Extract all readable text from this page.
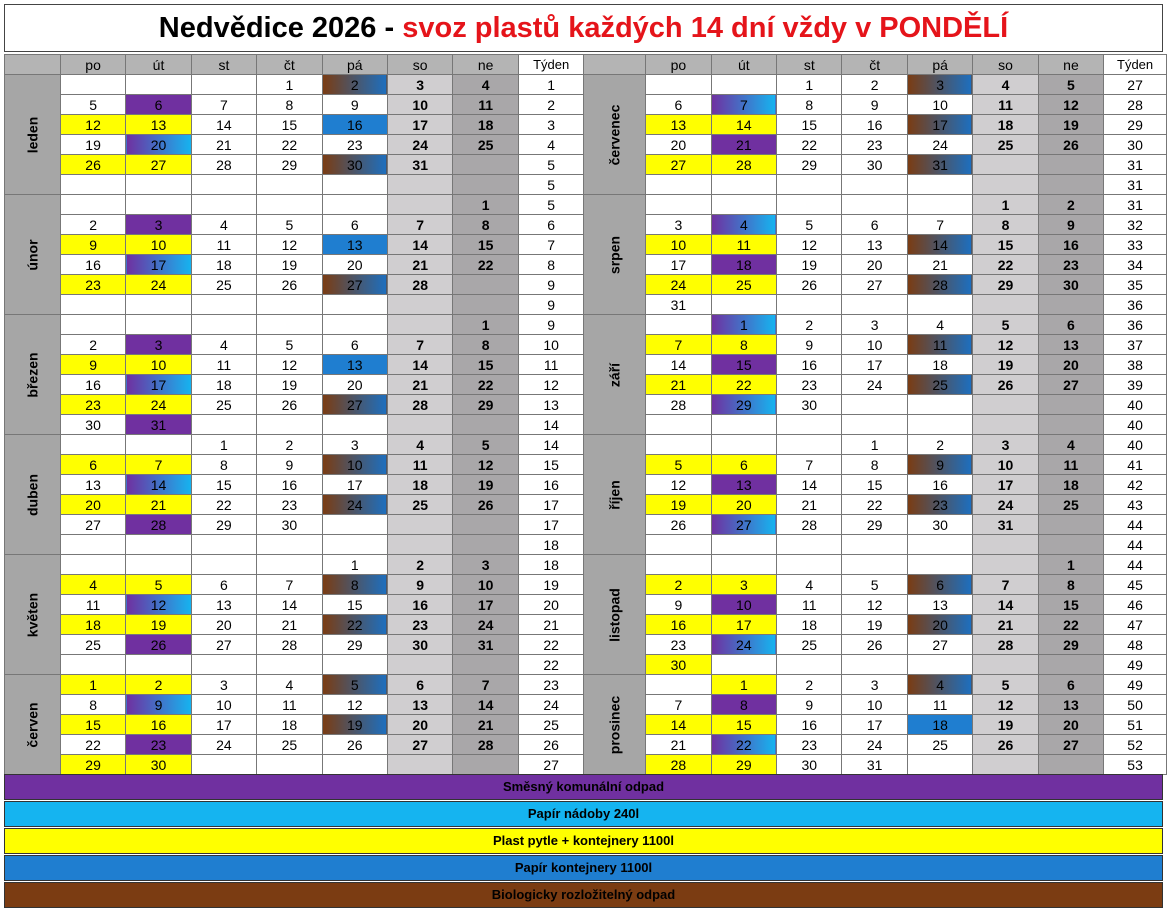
Nedvědice 2026 - svoz plastů každých 14 dní vždy v PONDĚLÍ
	po	út	st	čt	pá	so	ne	Týden		po	út	st	čt	pá	so	ne	Týden

leden				1	2	3	4	1	červenec			1	2	3	4	5	27
	5	6	7	8	9	10	11	2		6	7	8	9	10	11	12	28
	12	13	14	15	16	17	18	3		13	14	15	16	17	18	19	29
	19	20	21	22	23	24	25	4		20	21	22	23	24	25	26	30
	26	27	28	29	30	31		5		27	28	29	30	31			31
								5									31

únor							1	5	srpen						1	2	31
	2	3	4	5	6	7	8	6		3	4	5	6	7	8	9	32
	9	10	11	12	13	14	15	7		10	11	12	13	14	15	16	33
	16	17	18	19	20	21	22	8		17	18	19	20	21	22	23	34
	23	24	25	26	27	28		9		24	25	26	27	28	29	30	35
								9		31							36

březen							1	9	září		1	2	3	4	5	6	36
	2	3	4	5	6	7	8	10		7	8	9	10	11	12	13	37
	9	10	11	12	13	14	15	11		14	15	16	17	18	19	20	38
	16	17	18	19	20	21	22	12		21	22	23	24	25	26	27	39
	23	24	25	26	27	28	29	13		28	29	30					40
	30	31						14									40

duben			1	2	3	4	5	14	říjen				1	2	3	4	40
	6	7	8	9	10	11	12	15		5	6	7	8	9	10	11	41
	13	14	15	16	17	18	19	16		12	13	14	15	16	17	18	42
	20	21	22	23	24	25	26	17		19	20	21	22	23	24	25	43
	27	28	29	30				17		26	27	28	29	30	31		44
								18									44

květen					1	2	3	18	listopad							1	44
	4	5	6	7	8	9	10	19		2	3	4	5	6	7	8	45
	11	12	13	14	15	16	17	20		9	10	11	12	13	14	15	46
	18	19	20	21	22	23	24	21		16	17	18	19	20	21	22	47
	25	26	27	28	29	30	31	22		23	24	25	26	27	28	29	48
								22		30							49

červen	1	2	3	4	5	6	7	23	prosinec		1	2	3	4	5	6	49
	8	9	10	11	12	13	14	24		7	8	9	10	11	12	13	50
	15	16	17	18	19	20	21	25		14	15	16	17	18	19	20	51
	22	23	24	25	26	27	28	26		21	22	23	24	25	26	27	52
	29	30						27		28	29	30	31				53
Směsný komunální odpad
Papír nádoby 240l
Plast pytle + kontejnery 1100l
Papír kontejnery 1100l
Biologicky rozložitelný odpad
